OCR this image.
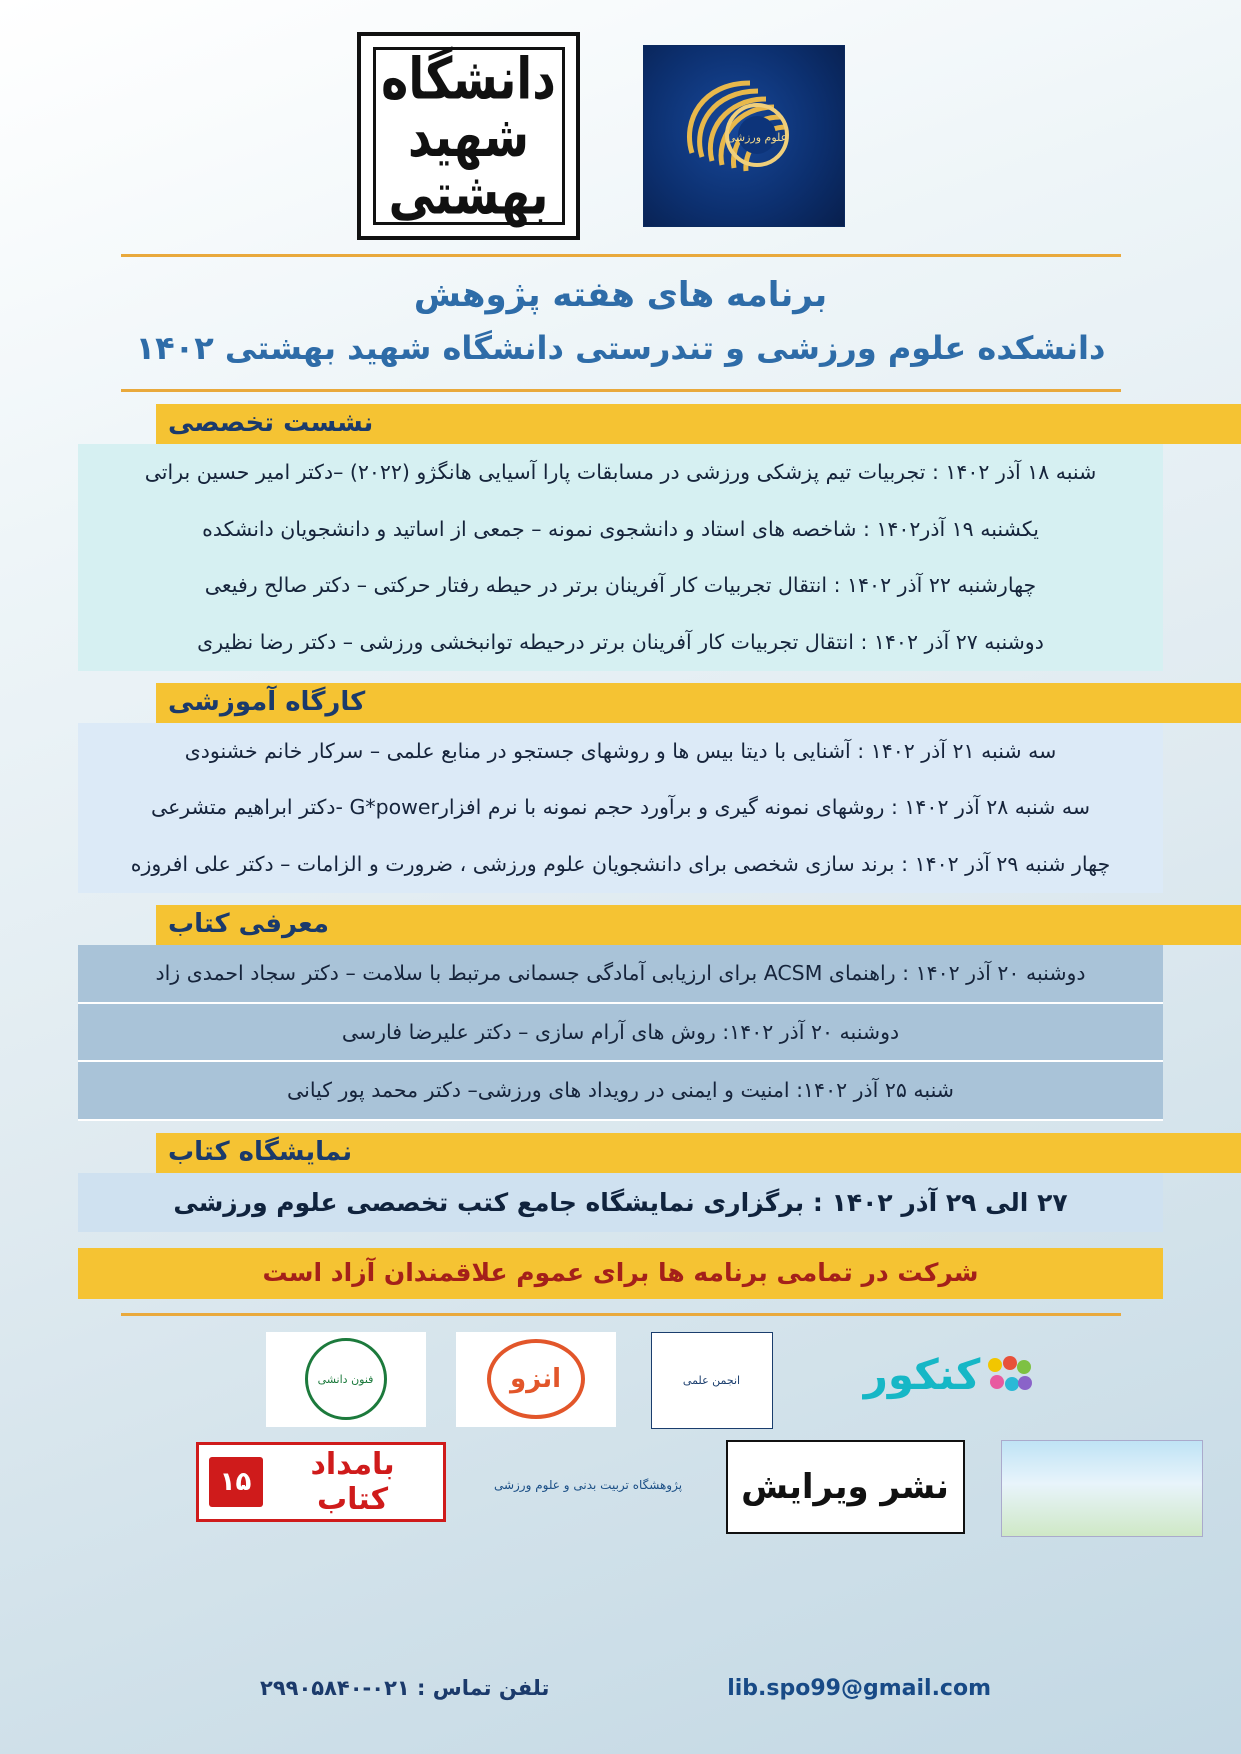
علوم ورزشی
دانشگاه شهید بهشتی
برنامه های هفته پژوهش
دانشکده علوم ورزشی و تندرستی دانشگاه شهید بهشتی ۱۴۰۲
نشست تخصصی
شنبه ۱۸ آذر ۱۴۰۲ : تجربیات تیم پزشکی ورزشی در مسابقات پارا آسیایی هانگژو (۲۰۲۲) –دکتر امیر حسین براتی
یکشنبه ۱۹ آذر۱۴۰۲ : شاخصه های استاد و دانشجوی نمونه – جمعی از اساتید و دانشجویان دانشکده
چهارشنبه ۲۲ آذر ۱۴۰۲ : انتقال تجربیات کار آفرینان برتر در حیطه رفتار حرکتی – دکتر صالح رفیعی
دوشنبه ۲۷ آذر ۱۴۰۲ : انتقال تجربیات کار آفرینان برتر درحیطه توانبخشی ورزشی – دکتر رضا نظیری
کارگاه آموزشی
سه شنبه ۲۱ آذر ۱۴۰۲ : آشنایی با دیتا بیس ها و روشهای جستجو در منابع علمی – سرکار خانم خشنودی
سه شنبه ۲۸ آذر ۱۴۰۲ : روشهای نمونه گیری و برآورد حجم نمونه با نرم افزارG*power -دکتر ابراهیم متشرعی
چهار شنبه ۲۹ آذر ۱۴۰۲ : برند سازی شخصی برای دانشجویان علوم ورزشی ، ضرورت و الزامات – دکتر علی افروزه
معرفی کتاب
دوشنبه ۲۰ آذر ۱۴۰۲ : راهنمای ACSM برای ارزیابی آمادگی جسمانی مرتبط با سلامت – دکتر سجاد احمدی زاد
دوشنبه ۲۰ آذر ۱۴۰۲: روش های آرام سازی – دکتر علیرضا فارسی
شنبه ۲۵ آذر ۱۴۰۲: امنیت و ایمنی در رویداد های ورزشی– دکتر محمد پور کیانی
نمایشگاه کتاب
۲۷ الی ۲۹ آذر ۱۴۰۲ : برگزاری نمایشگاه جامع کتب تخصصی علوم ورزشی
شرکت در تمامی برنامه ها برای عموم علاقمندان آزاد است
کنکور
انجمن علمی
انزو
فنون دانشی
نشر ویرایش
پژوهشگاه تربیت بدنی و علوم ورزشی
بامداد کتاب
۱۵
lib.spo99@gmail.com
تلفن تماس : ۰۲۱-۲۹۹۰۵۸۴۰
